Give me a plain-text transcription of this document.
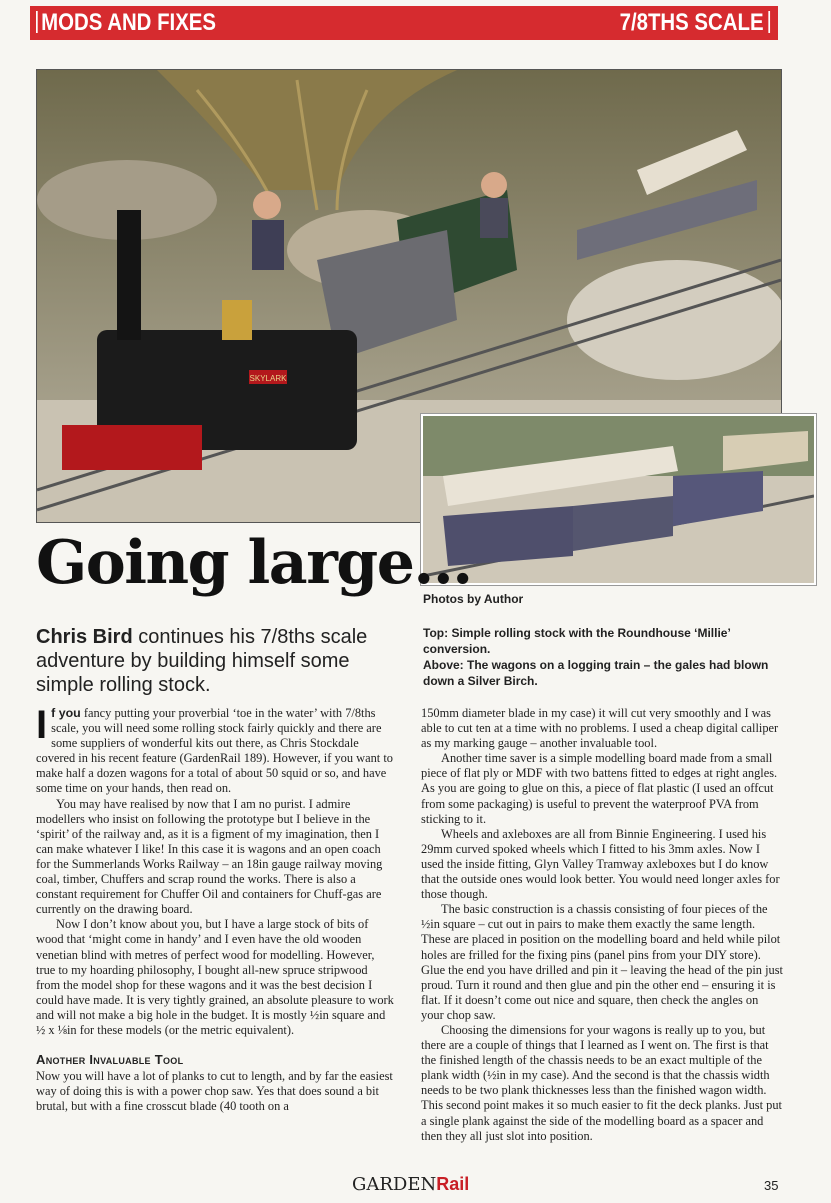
MODS AND FIXES	7/8THS SCALE
SKYLARK
Going large...
Photos by Author
Chris Bird continues his 7/8ths scale adventure by building himself some simple rolling stock.
Top: Simple rolling stock with the Roundhouse ‘Millie’ conversion.
Above: The wagons on a logging train – the gales had blown down a Silver Birch.

If you fancy putting your proverbial ‘toe in the water’ with 7/8ths scale, you will need some rolling stock fairly quickly and there are some suppliers of wonderful kits out there, as Chris Stockdale covered in his recent feature (GardenRail 189). However, if you want to make half a dozen wagons for a total of about 50 squid or so, and have some time on your hands, then read on.

You may have realised by now that I am no purist. I admire modellers who insist on following the prototype but I believe in the ‘spirit’ of the railway and, as it is a figment of my imagination, then I can make whatever I like! In this case it is wagons and an open coach for the Summerlands Works Railway – an 18in gauge railway moving coal, timber, Chuffers and scrap round the works. There is also a constant requirement for Chuffer Oil and containers for Chuff-gas are currently on the drawing board.

Now I don’t know about you, but I have a large stock of bits of wood that ‘might come in handy’ and I even have the old wooden venetian blind with metres of perfect wood for modelling. However, true to my hoarding philosophy, I bought all-new spruce stripwood from the model shop for these wagons and it was the best decision I could have made. It is very tightly grained, an absolute pleasure to work and will not make a big hole in the budget. It is mostly ½in square and ½ x ⅛in for these models (or the metric equivalent).

Another Invaluable Tool

Now you will have a lot of planks to cut to length, and by far the easiest way of doing this is with a power chop saw. Yes that does sound a bit brutal, but with a fine crosscut blade (40 tooth on a

150mm diameter blade in my case) it will cut very smoothly and I was able to cut ten at a time with no problems. I used a cheap digital calliper as my marking gauge – another invaluable tool.

Another time saver is a simple modelling board made from a small piece of flat ply or MDF with two battens fitted to edges at right angles. As you are going to glue on this, a piece of flat plastic (I used an offcut from some packaging) is useful to prevent the waterproof PVA from sticking to it.

Wheels and axleboxes are all from Binnie Engineering. I used his 29mm curved spoked wheels which I fitted to his 3mm axles. Now I used the inside fitting, Glyn Valley Tramway axleboxes but I do know that the outside ones would look better. You would need longer axles for those though.

The basic construction is a chassis consisting of four pieces of the ½in square – cut out in pairs to make them exactly the same length. These are placed in position on the modelling board and held while pilot holes are frilled for the fixing pins (panel pins from your DIY store). Glue the end you have drilled and pin it – leaving the head of the pin just proud. Turn it round and then glue and pin the other end – ensuring it is flat. If it doesn’t come out nice and square, then check the angles on your chop saw.

Choosing the dimensions for your wagons is really up to you, but there are a couple of things that I learned as I went on. The first is that the finished length of the chassis needs to be an exact multiple of the plank width (½in in my case). And the second is that the chassis width needs to be two plank thicknesses less than the finished wagon width. This second point makes it so much easier to fit the deck planks. Just put a single plank against the side of the modelling board as a spacer and then they all just slot into position.

GARDENRail	35
